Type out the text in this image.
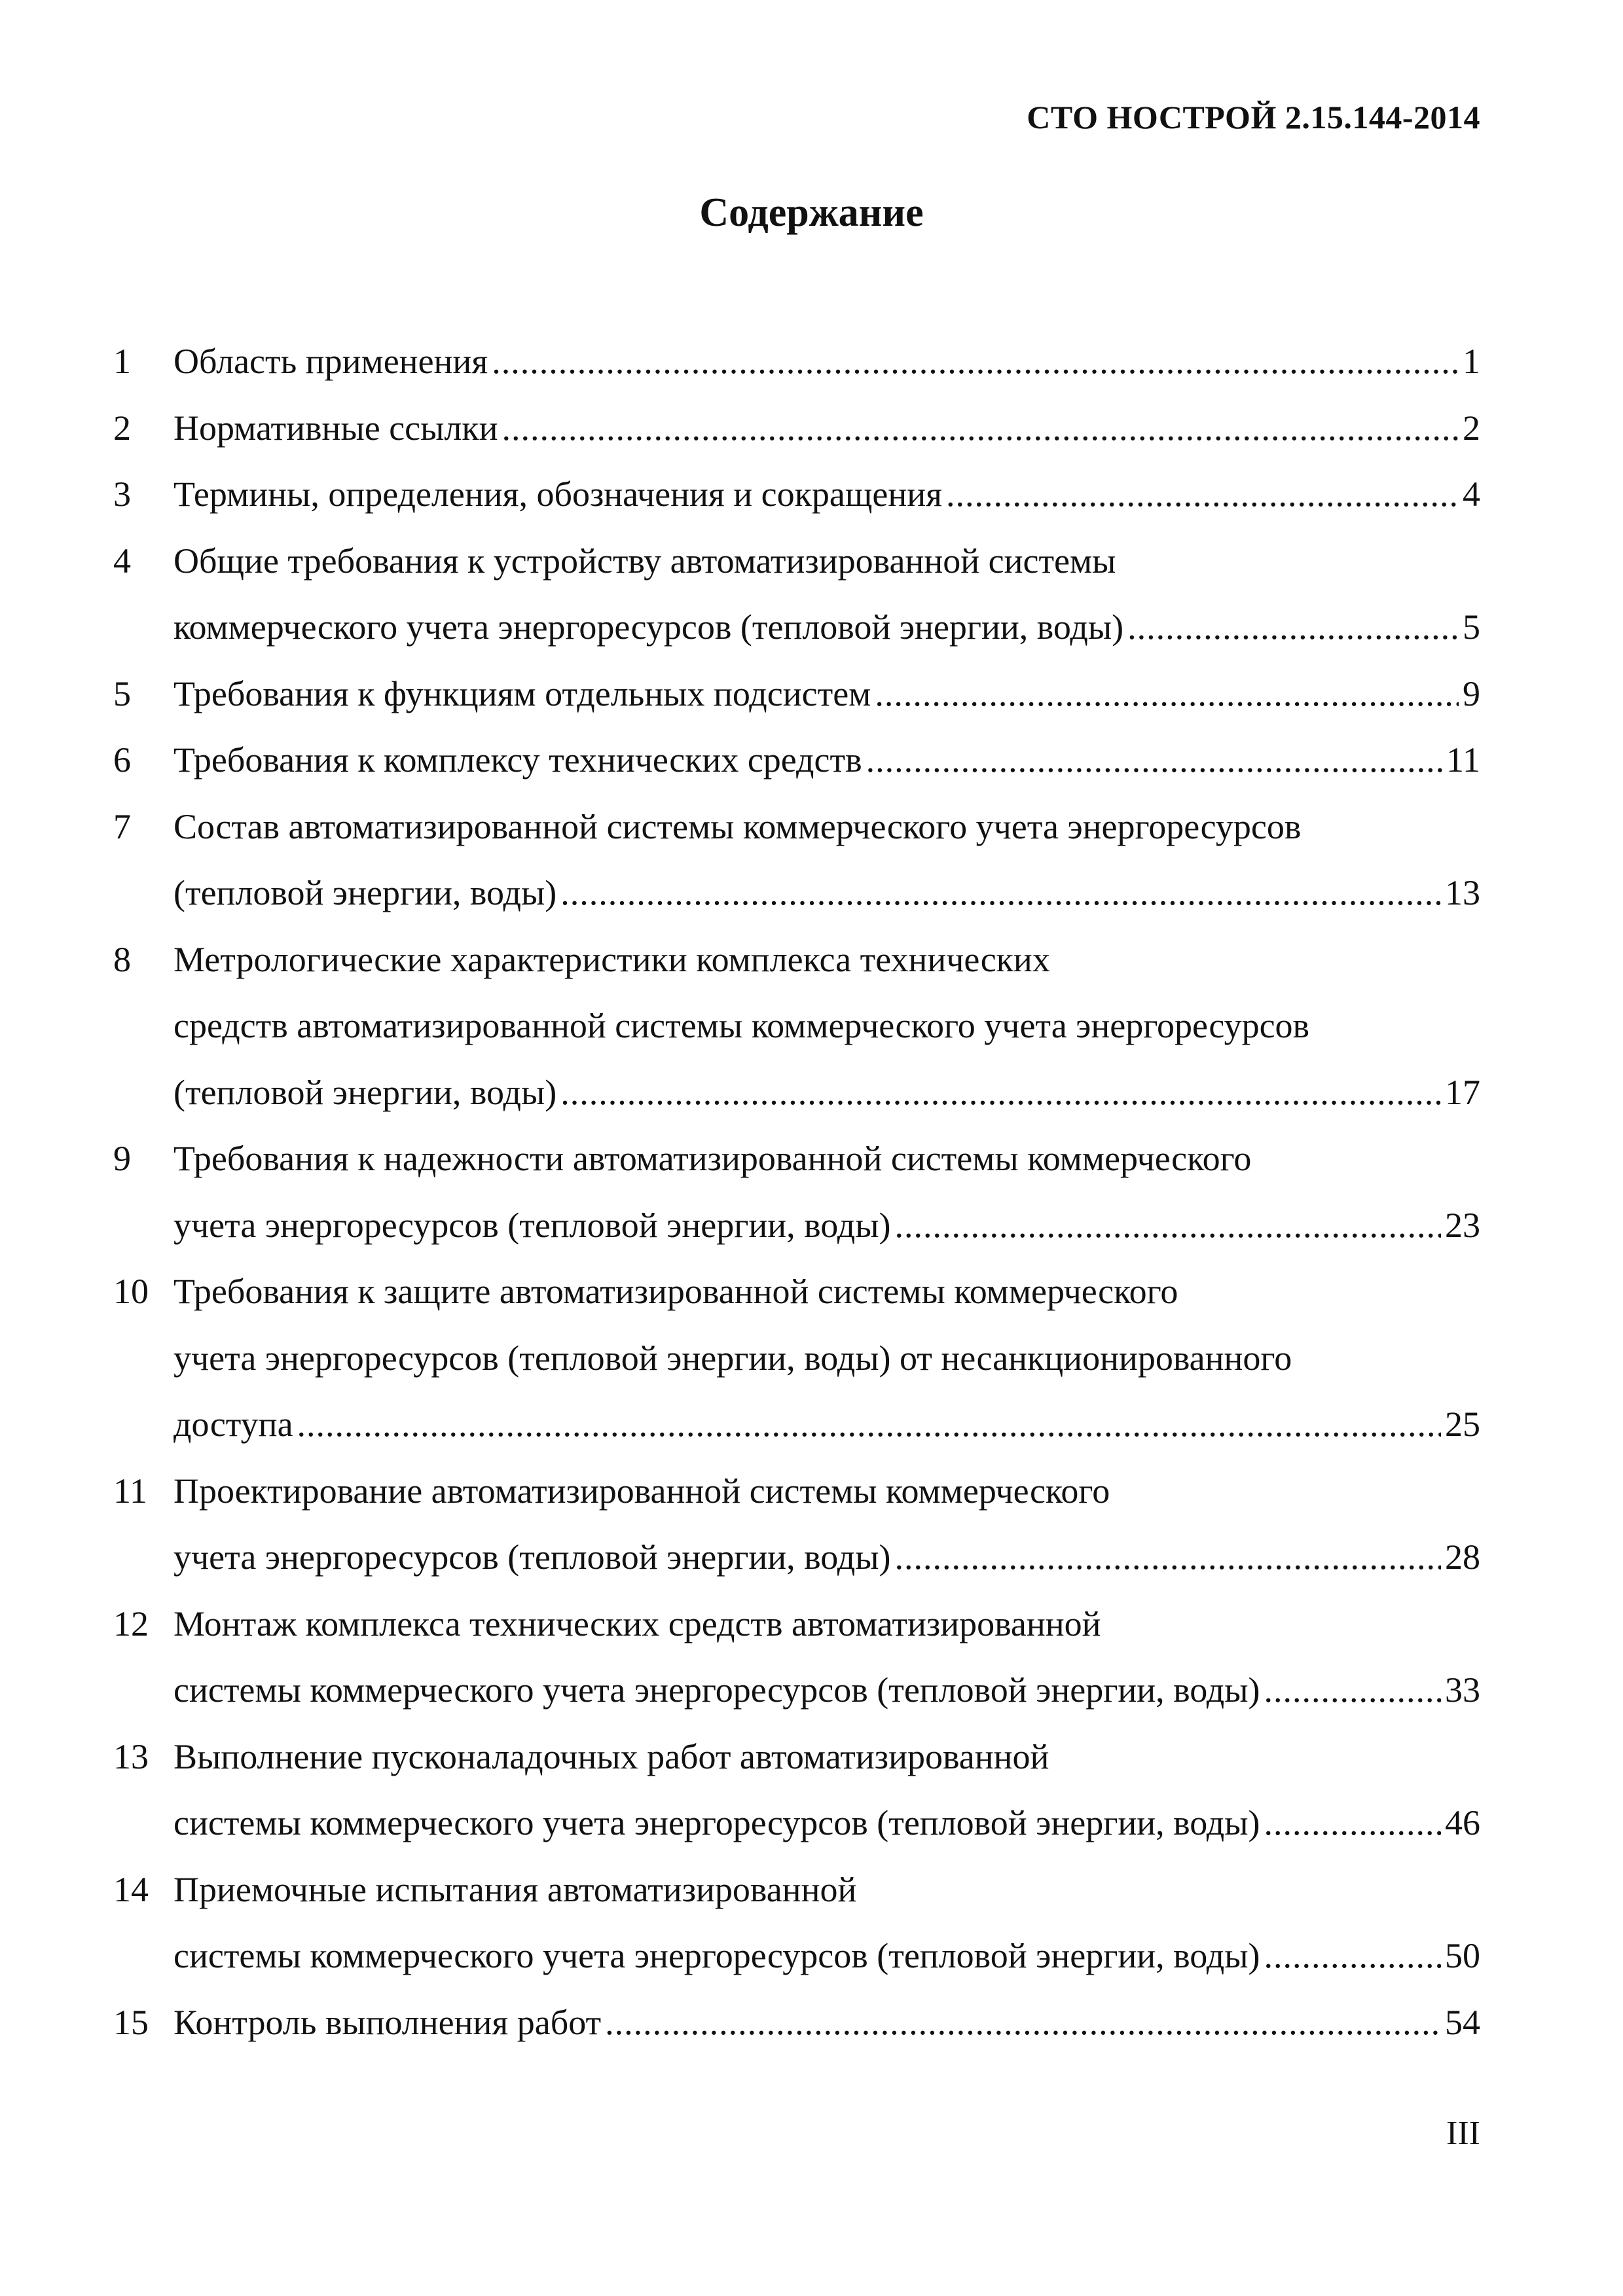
СТО НОСТРОЙ 2.15.144-2014
Содержание
1	Область применения .....	1
2	Нормативные ссылки .....	2
3	Термины, определения, обозначения и сокращения .....	4
4	Общие требования к устройству автоматизированной системы
коммерческого учета энергоресурсов (тепловой энергии, воды) .....	5
5	Требования к функциям отдельных подсистем .....	9
6	Требования к комплексу технических средств .....	11
7	Состав автоматизированной системы коммерческого учета энергоресурсов
(тепловой энергии, воды) .....	13
8	Метрологические характеристики комплекса технических
средств автоматизированной системы коммерческого учета энергоресурсов
(тепловой энергии, воды) .....	17
9	Требования к надежности автоматизированной системы коммерческого
учета энергоресурсов (тепловой энергии, воды) .....	23
10 Требования к защите автоматизированной системы коммерческого
учета энергоресурсов (тепловой энергии, воды) от несанкционированного
доступа .....	25
11 Проектирование автоматизированной системы коммерческого
учета энергоресурсов (тепловой энергии, воды) .....	28
12 Монтаж комплекса технических средств автоматизированной
системы коммерческого учета энергоресурсов (тепловой энергии, воды) .....	33
13 Выполнение пусконаладочных работ автоматизированной
системы коммерческого учета энергоресурсов (тепловой энергии, воды) .....	46
14 Приемочные испытания автоматизированной
системы коммерческого учета энергоресурсов (тепловой энергии, воды) .....	50
15 Контроль выполнения работ .....	54
III
